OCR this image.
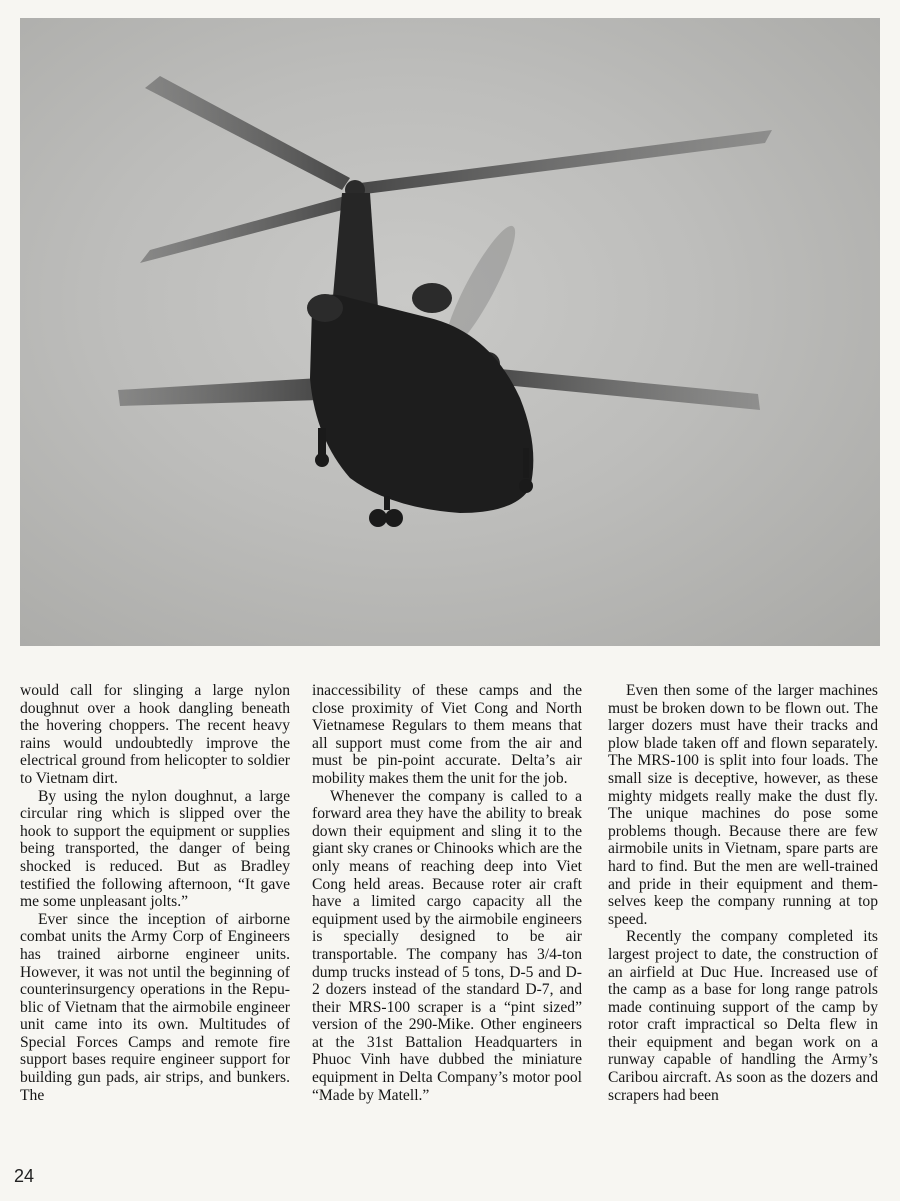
would call for slinging a large nylon doughnut over a hook dangling beneath the hovering choppers. The recent heavy rains would undoubtedly improve the electrical ground from helicopter to soldier to Vietnam dirt.

By using the nylon doughnut, a large circular ring which is slipped over the hook to support the equipment or supplies being transported, the danger of being shocked is reduced. But as Bradley testified the following afternoon, “It gave me some unpleasant jolts.”

Ever since the inception of airborne combat units the Army Corp of Engineers has trained airborne engineer units. However, it was not until the beginning of counterinsurgency operations in the Republic of Vietnam that the airmobile engineer unit came into its own. Multitudes of Special Forces Camps and remote fire support bases require engineer support for building gun pads, air strips, and bunkers. The

inaccessibility of these camps and the close proximity of Viet Cong and North Vietnamese Regulars to them means that all support must come from the air and must be pin-point accurate. Delta’s air mobility makes them the unit for the job.

Whenever the company is called to a forward area they have the ability to break down their equipment and sling it to the giant sky cranes or Chinooks which are the only means of reaching deep into Viet Cong held areas. Because roter air craft have a limited cargo capacity all the equipment used by the airmobile engineers is specially designed to be air transportable. The company has 3/4-ton dump trucks instead of 5 tons, D-5 and D-2 dozers instead of the standard D-7, and their MRS-100 scraper is a “pint sized” version of the 290-Mike. Other engineers at the 31st Battalion Headquarters in Phuoc Vinh have dubbed the miniature equipment in Delta Company’s motor pool “Made by Matell.”

Even then some of the larger machines must be broken down to be flown out. The larger dozers must have their tracks and plow blade taken off and flown separately. The MRS-100 is split into four loads. The small size is deceptive, however, as these mighty midgets really make the dust fly. The unique machines do pose some problems though. Because there are few airmobile units in Vietnam, spare parts are hard to find. But the men are well-trained and pride in their equipment and themselves keep the company running at top speed.

Recently the company completed its largest project to date, the construction of an airfield at Duc Hue. Increased use of the camp as a base for long range patrols made continuing support of the camp by rotor craft impractical so Delta flew in their equipment and began work on a runway capable of handling the Army’s Caribou aircraft. As soon as the dozers and scrapers had been

24
